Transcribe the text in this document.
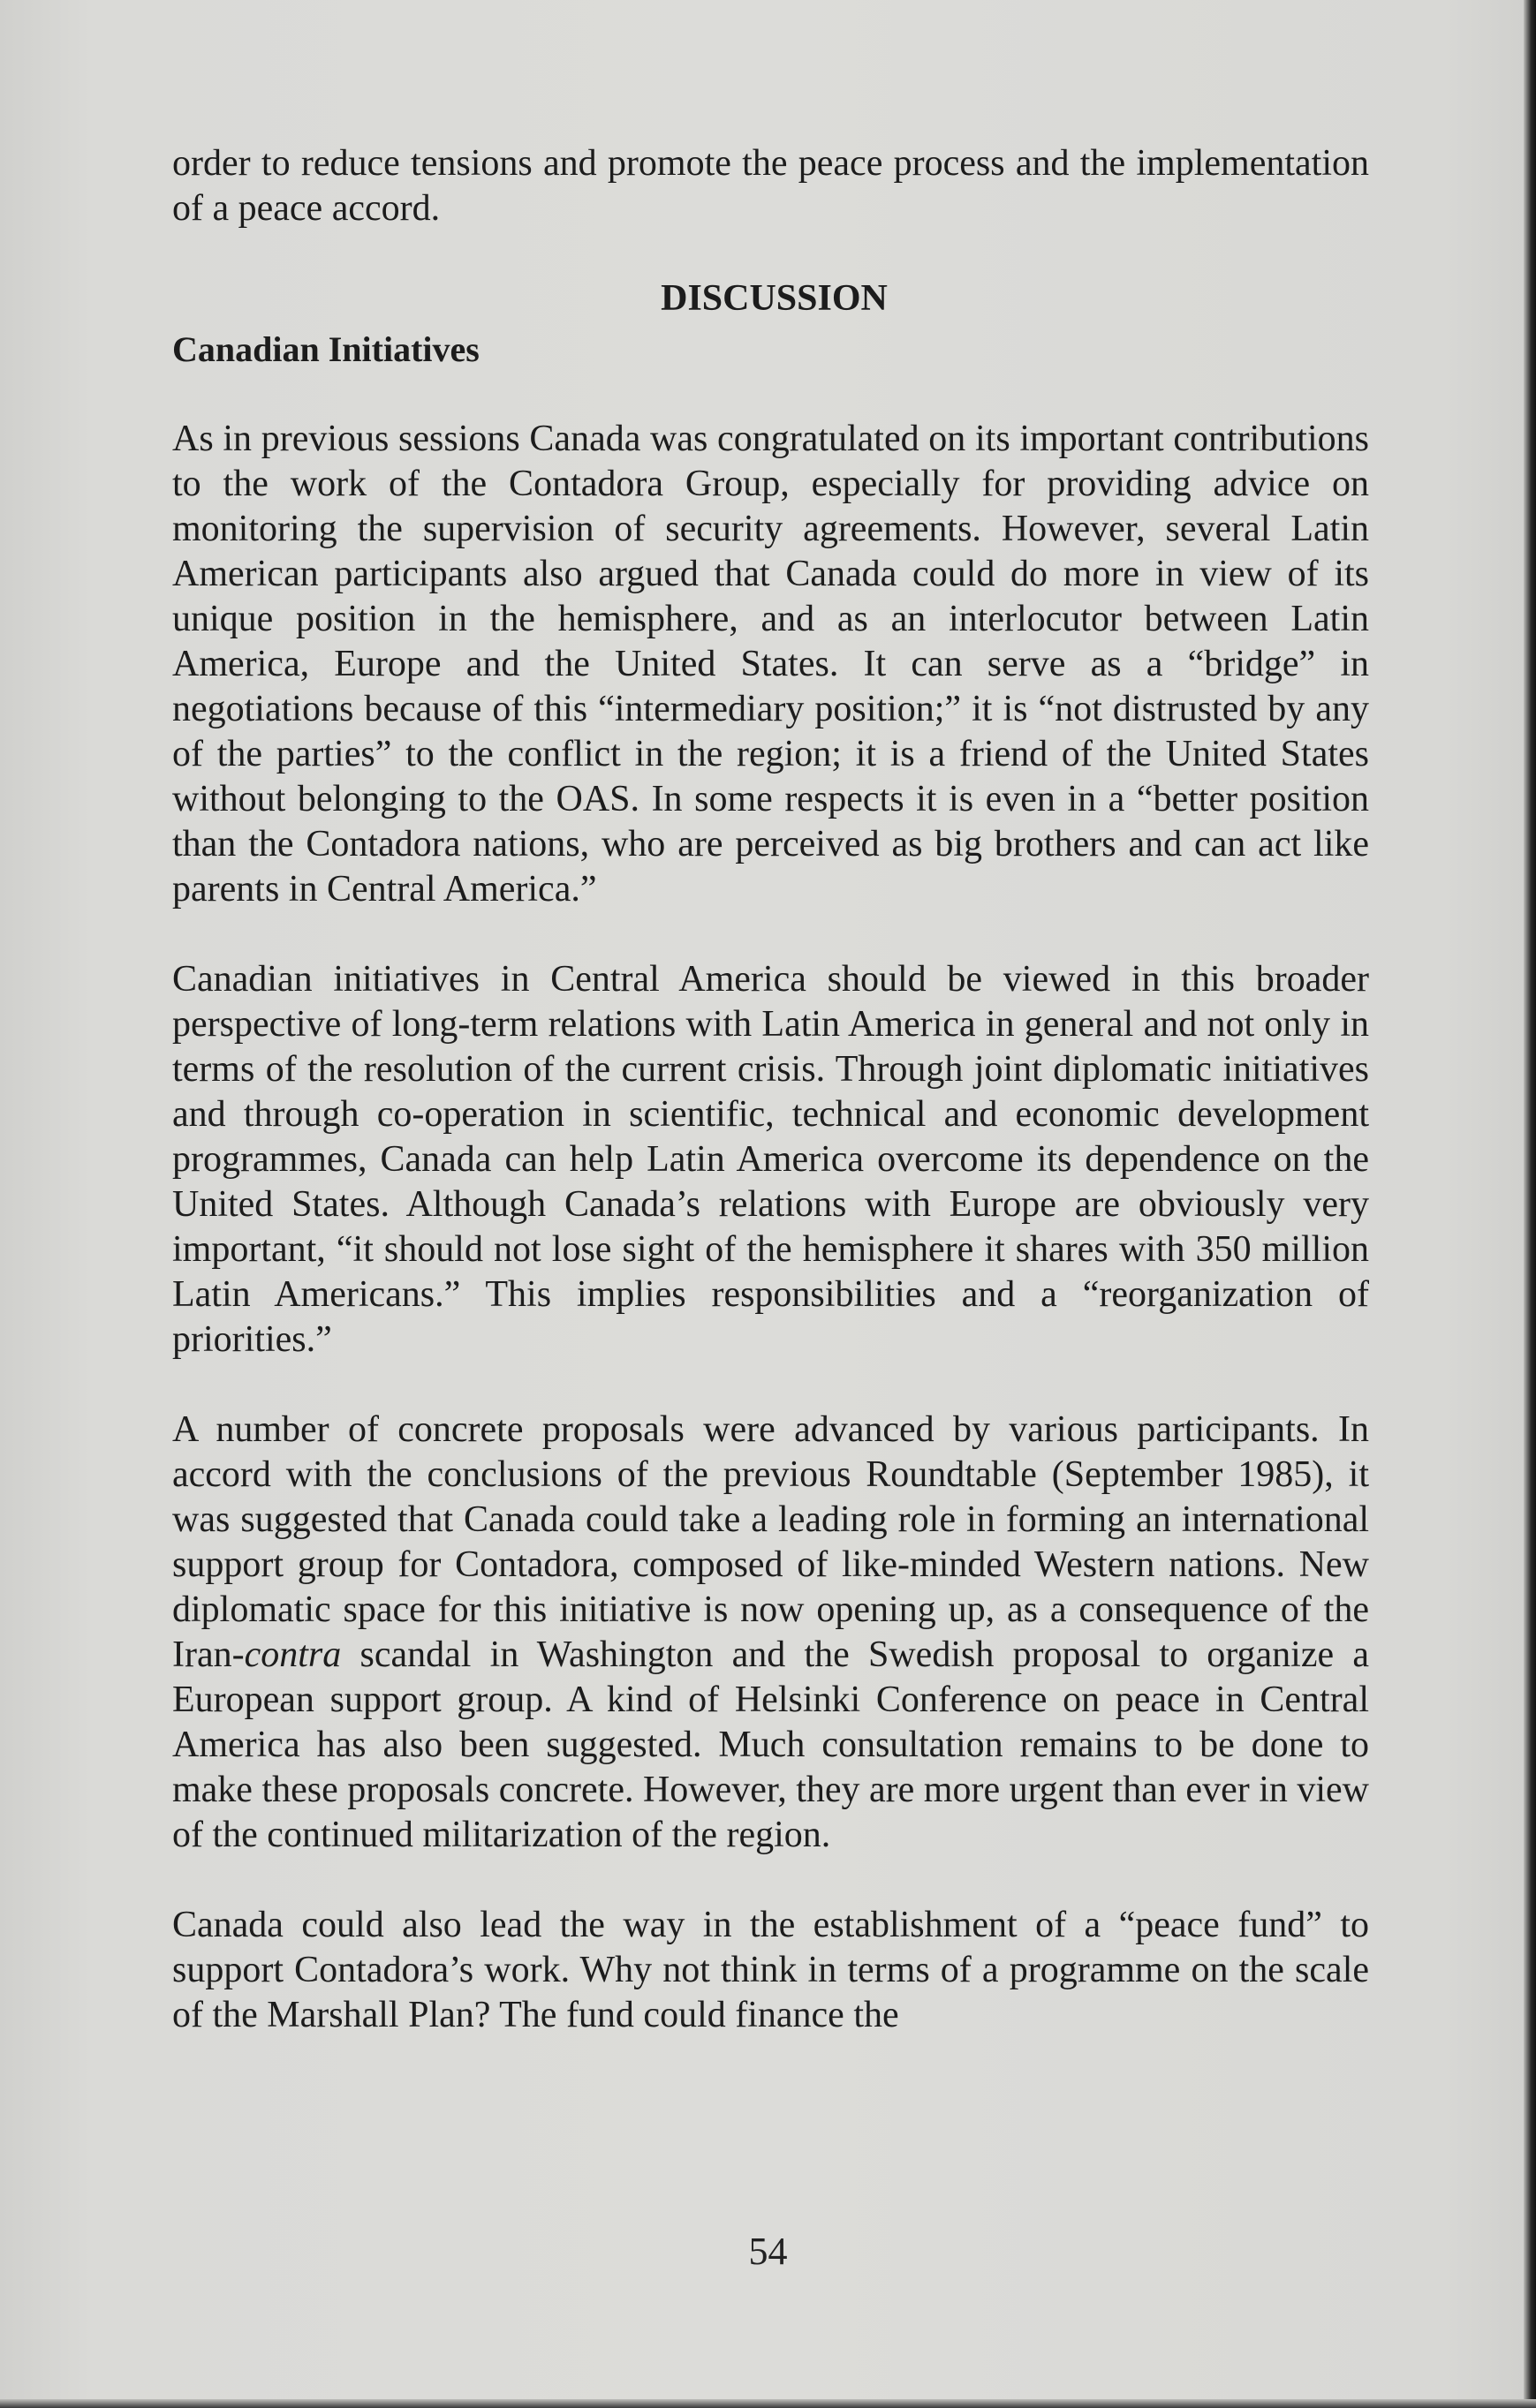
order to reduce tensions and promote the peace process and the implementation of a peace accord.

DISCUSSION
Canadian Initiatives

As in previous sessions Canada was congratulated on its important contributions to the work of the Contadora Group, especially for providing advice on monitoring the supervision of security agreements. However, several Latin American participants also argued that Canada could do more in view of its unique position in the hemisphere, and as an interlocutor between Latin America, Europe and the United States. It can serve as a “bridge” in negotiations because of this “intermediary position;” it is “not distrusted by any of the parties” to the conflict in the region; it is a friend of the United States without belonging to the OAS. In some respects it is even in a “better position than the Contadora nations, who are perceived as big brothers and can act like parents in Central America.”

Canadian initiatives in Central America should be viewed in this broader perspective of long-term relations with Latin America in general and not only in terms of the resolution of the current crisis. Through joint diplomatic initiatives and through co-operation in scientific, technical and economic development programmes, Canada can help Latin America overcome its dependence on the United States. Although Canada’s relations with Europe are obviously very important, “it should not lose sight of the hemisphere it shares with 350 million Latin Americans.” This implies responsibilities and a “reorganization of priorities.”

A number of concrete proposals were advanced by various participants. In accord with the conclusions of the previous Roundtable (September 1985), it was suggested that Canada could take a leading role in forming an international support group for Contadora, composed of like-minded Western nations. New diplomatic space for this initiative is now opening up, as a consequence of the Iran-contra scandal in Washington and the Swedish proposal to organize a European support group. A kind of Helsinki Conference on peace in Central America has also been suggested. Much consultation remains to be done to make these proposals concrete. However, they are more urgent than ever in view of the continued militarization of the region.

Canada could also lead the way in the establishment of a “peace fund” to support Contadora’s work. Why not think in terms of a programme on the scale of the Marshall Plan? The fund could finance the

54
